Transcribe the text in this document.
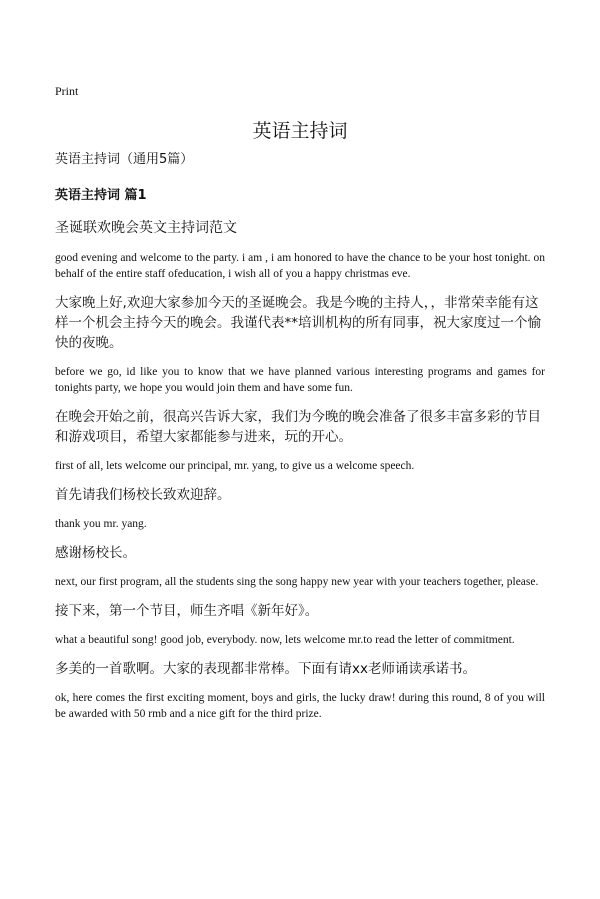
Print
英语主持词

英语主持词（通用5篇）

英语主持词 篇1

圣诞联欢晚会英文主持词范文

good evening and welcome to the party. i am , i am honored to have the chance to be your host tonight. on behalf of the entire staff ofeducation, i wish all of you a happy christmas eve.

大家晚上好,欢迎大家参加今天的圣诞晚会。我是今晚的主持人，，非常荣幸能有这样一个机会主持今天的晚会。我谨代表**培训机构的所有同事，祝大家度过一个愉快的夜晚。

before we go, id like you to know that we have planned various interesting programs and games for tonights party, we hope you would join them and have some fun.

在晚会开始之前，很高兴告诉大家，我们为今晚的晚会准备了很多丰富多彩的节目和游戏项目，希望大家都能参与进来，玩的开心。

first of all, lets welcome our principal, mr. yang, to give us a welcome speech.

首先请我们杨校长致欢迎辞。

thank you mr. yang.

感谢杨校长。

next, our first program, all the students sing the song happy new year with your teachers together, please.

接下来，第一个节目，师生齐唱《新年好》。

what a beautiful song! good job, everybody. now, lets welcome mr.to read the letter of commitment.

多美的一首歌啊。大家的表现都非常棒。下面有请xx老师诵读承诺书。

ok, here comes the first exciting moment, boys and girls, the lucky draw! during this round, 8 of you will be awarded with 50 rmb and a nice gift for the third prize.
